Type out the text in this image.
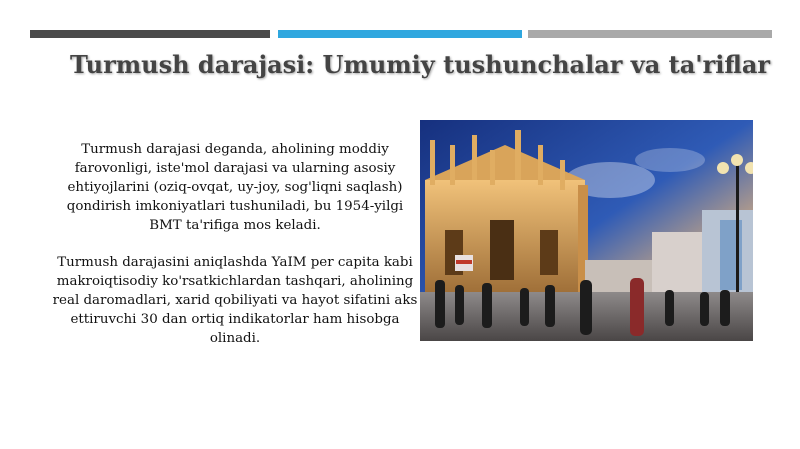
Turmush darajasi: Umumiy tushunchalar va ta'riflar

Turmush darajasi deganda, aholining moddiy farovonligi, iste'mol darajasi va ularning asosiy ehtiyojlarini (oziq-ovqat, uy-joy, sog'liqni saqlash) qondirish imkoniyatlari tushuniladi, bu 1954-yilgi BMT ta'rifiga mos keladi.

Turmush darajasini aniqlashda YaIM per capita kabi makroiqtisodiy ko'rsatkichlardan tashqari, aholining real daromadlari, xarid qobiliyati va hayot sifatini aks ettiruvchi 30 dan ortiq indikatorlar ham hisobga olinadi.
